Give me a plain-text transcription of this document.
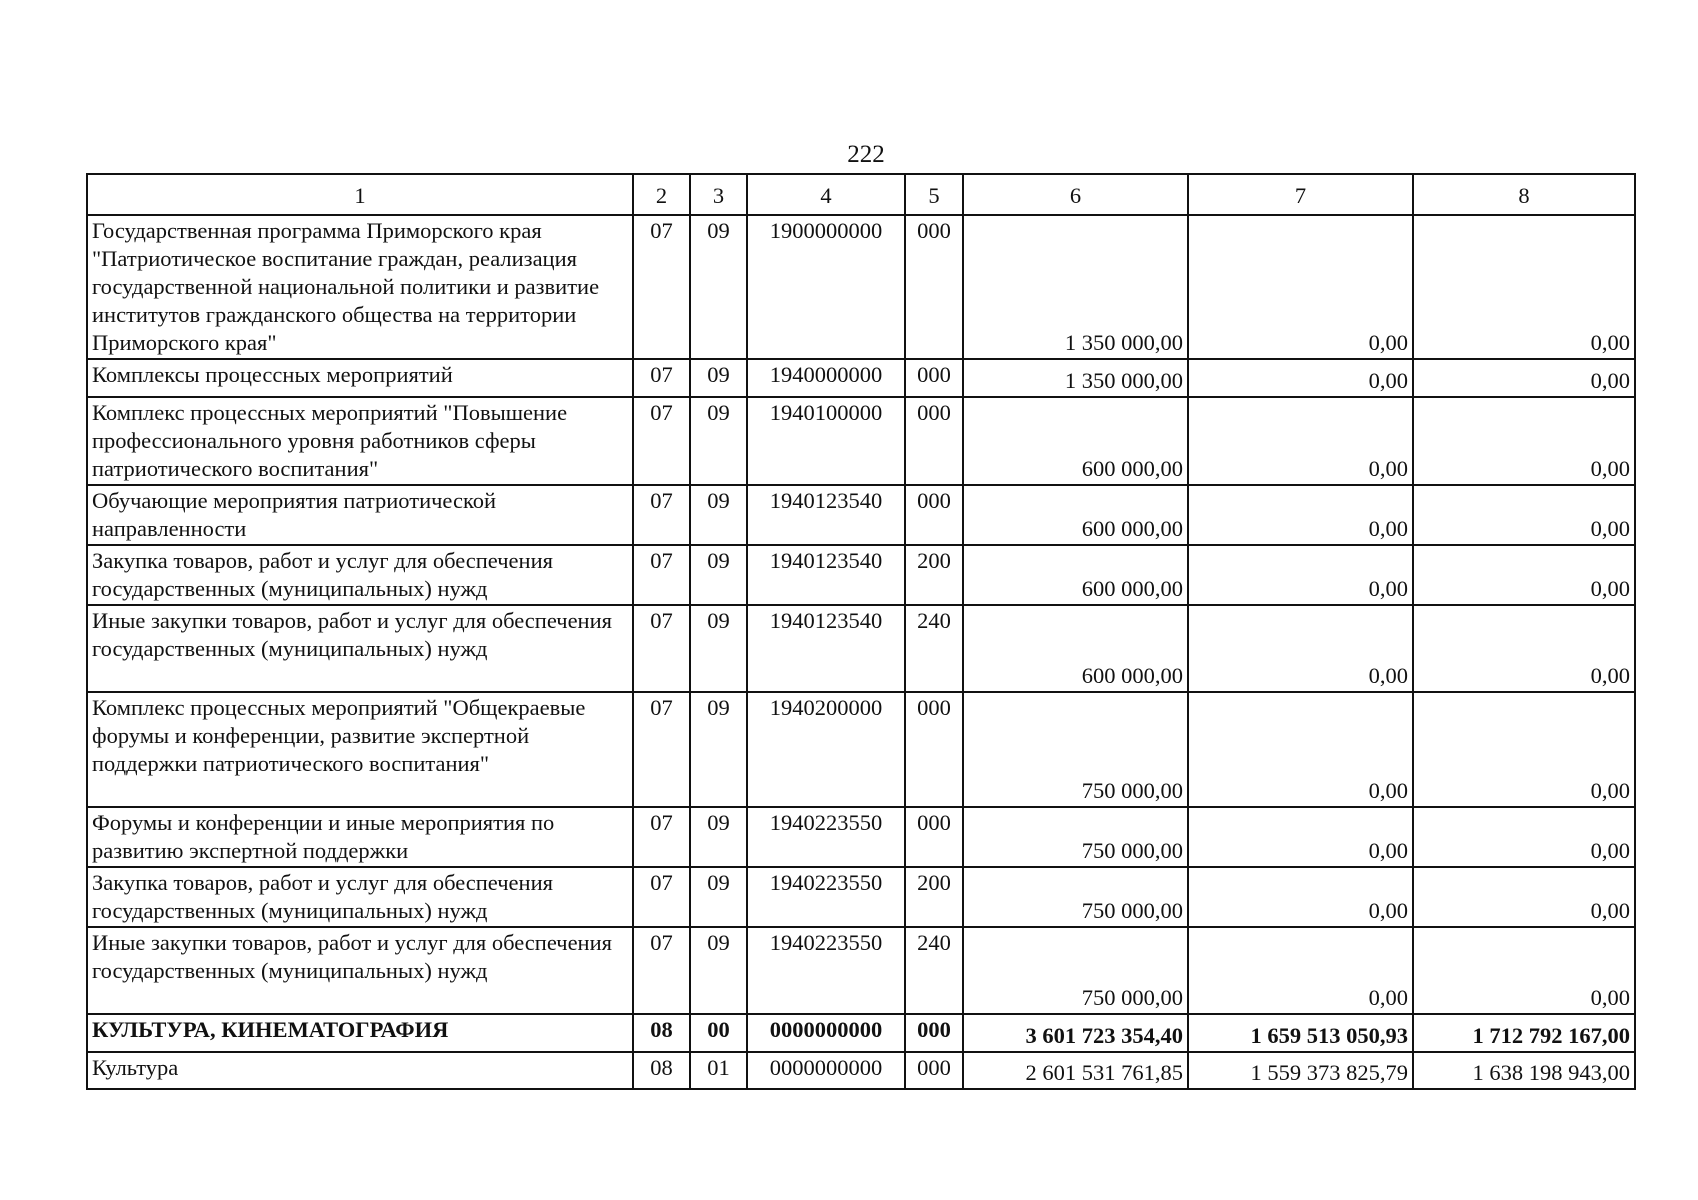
222
1	2	3	4	5	6	7	8
Государственная программа Приморского края "Патриотическое воспитание граждан, реализация государственной национальной политики и развитие институтов гражданского общества на территории Приморского края"	07	09	1900000000	000	1 350 000,00	0,00	0,00
Комплексы процессных мероприятий	07	09	1940000000	000	1 350 000,00	0,00	0,00
Комплекс процессных мероприятий "Повышение профессионального уровня работников сферы патриотического воспитания"	07	09	1940100000	000	600 000,00	0,00	0,00
Обучающие мероприятия патриотической направленности	07	09	1940123540	000	600 000,00	0,00	0,00
Закупка товаров, работ и услуг для обеспечения государственных (муниципальных) нужд	07	09	1940123540	200	600 000,00	0,00	0,00
Иные закупки товаров, работ и услуг для обеспечения государственных (муниципальных) нужд	07	09	1940123540	240	600 000,00	0,00	0,00
Комплекс процессных мероприятий "Общекраевые форумы и конференции, развитие экспертной поддержки патриотического воспитания"	07	09	1940200000	000	750 000,00	0,00	0,00
Форумы и конференции и иные мероприятия по развитию экспертной поддержки	07	09	1940223550	000	750 000,00	0,00	0,00
Закупка товаров, работ и услуг для обеспечения государственных (муниципальных) нужд	07	09	1940223550	200	750 000,00	0,00	0,00
Иные закупки товаров, работ и услуг для обеспечения государственных (муниципальных) нужд	07	09	1940223550	240	750 000,00	0,00	0,00
КУЛЬТУРА, КИНЕМАТОГРАФИЯ	08	00	0000000000	000	3 601 723 354,40	1 659 513 050,93	1 712 792 167,00
Культура	08	01	0000000000	000	2 601 531 761,85	1 559 373 825,79	1 638 198 943,00
